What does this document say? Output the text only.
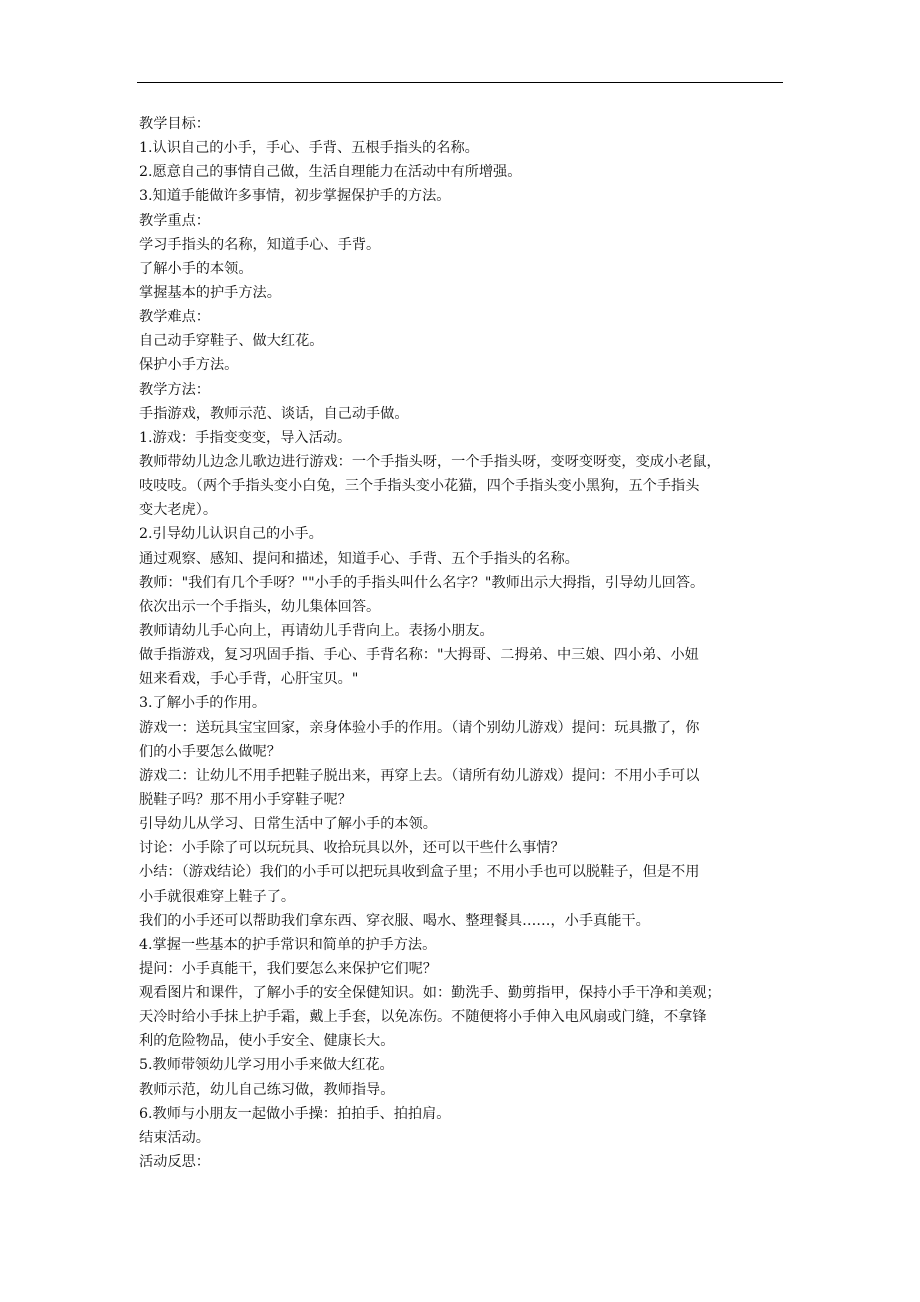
教学目标：
1.认识自己的小手，手心、手背、五根手指头的名称。
2.愿意自己的事情自己做，生活自理能力在活动中有所增强。
3.知道手能做许多事情，初步掌握保护手的方法。
教学重点：
学习手指头的名称，知道手心、手背。
了解小手的本领。
掌握基本的护手方法。
教学难点：
自己动手穿鞋子、做大红花。
保护小手方法。
教学方法：
手指游戏，教师示范、谈话，自己动手做。
1.游戏：手指变变变，导入活动。
教师带幼儿边念儿歌边进行游戏：一个手指头呀，一个手指头呀，变呀变呀变，变成小老鼠，
吱吱吱。（两个手指头变小白兔，三个手指头变小花猫，四个手指头变小黑狗，五个手指头
变大老虎）。
2.引导幼儿认识自己的小手。
通过观察、感知、提问和描述，知道手心、手背、五个手指头的名称。
教师："我们有几个手呀？""小手的手指头叫什么名字？"教师出示大拇指，引导幼儿回答。
依次出示一个手指头，幼儿集体回答。
教师请幼儿手心向上，再请幼儿手背向上。表扬小朋友。
做手指游戏，复习巩固手指、手心、手背名称："大拇哥、二拇弟、中三娘、四小弟、小妞
妞来看戏，手心手背，心肝宝贝。"
3.了解小手的作用。
游戏一：送玩具宝宝回家，亲身体验小手的作用。（请个别幼儿游戏）提问：玩具撒了，你
们的小手要怎么做呢？
游戏二：让幼儿不用手把鞋子脱出来，再穿上去。（请所有幼儿游戏）提问：不用小手可以
脱鞋子吗？那不用小手穿鞋子呢？
引导幼儿从学习、日常生活中了解小手的本领。
讨论：小手除了可以玩玩具、收拾玩具以外，还可以干些什么事情？
小结：（游戏结论）我们的小手可以把玩具收到盒子里；不用小手也可以脱鞋子，但是不用
小手就很难穿上鞋子了。
我们的小手还可以帮助我们拿东西、穿衣服、喝水、整理餐具……，小手真能干。
4.掌握一些基本的护手常识和简单的护手方法。
提问：小手真能干，我们要怎么来保护它们呢？
观看图片和课件，了解小手的安全保健知识。如：勤洗手、勤剪指甲，保持小手干净和美观；
天冷时给小手抹上护手霜，戴上手套，以免冻伤。不随便将小手伸入电风扇或门缝，不拿锋
利的危险物品，使小手安全、健康长大。
5.教师带领幼儿学习用小手来做大红花。
教师示范，幼儿自己练习做，教师指导。
6.教师与小朋友一起做小手操：拍拍手、拍拍肩。
结束活动。
活动反思：
